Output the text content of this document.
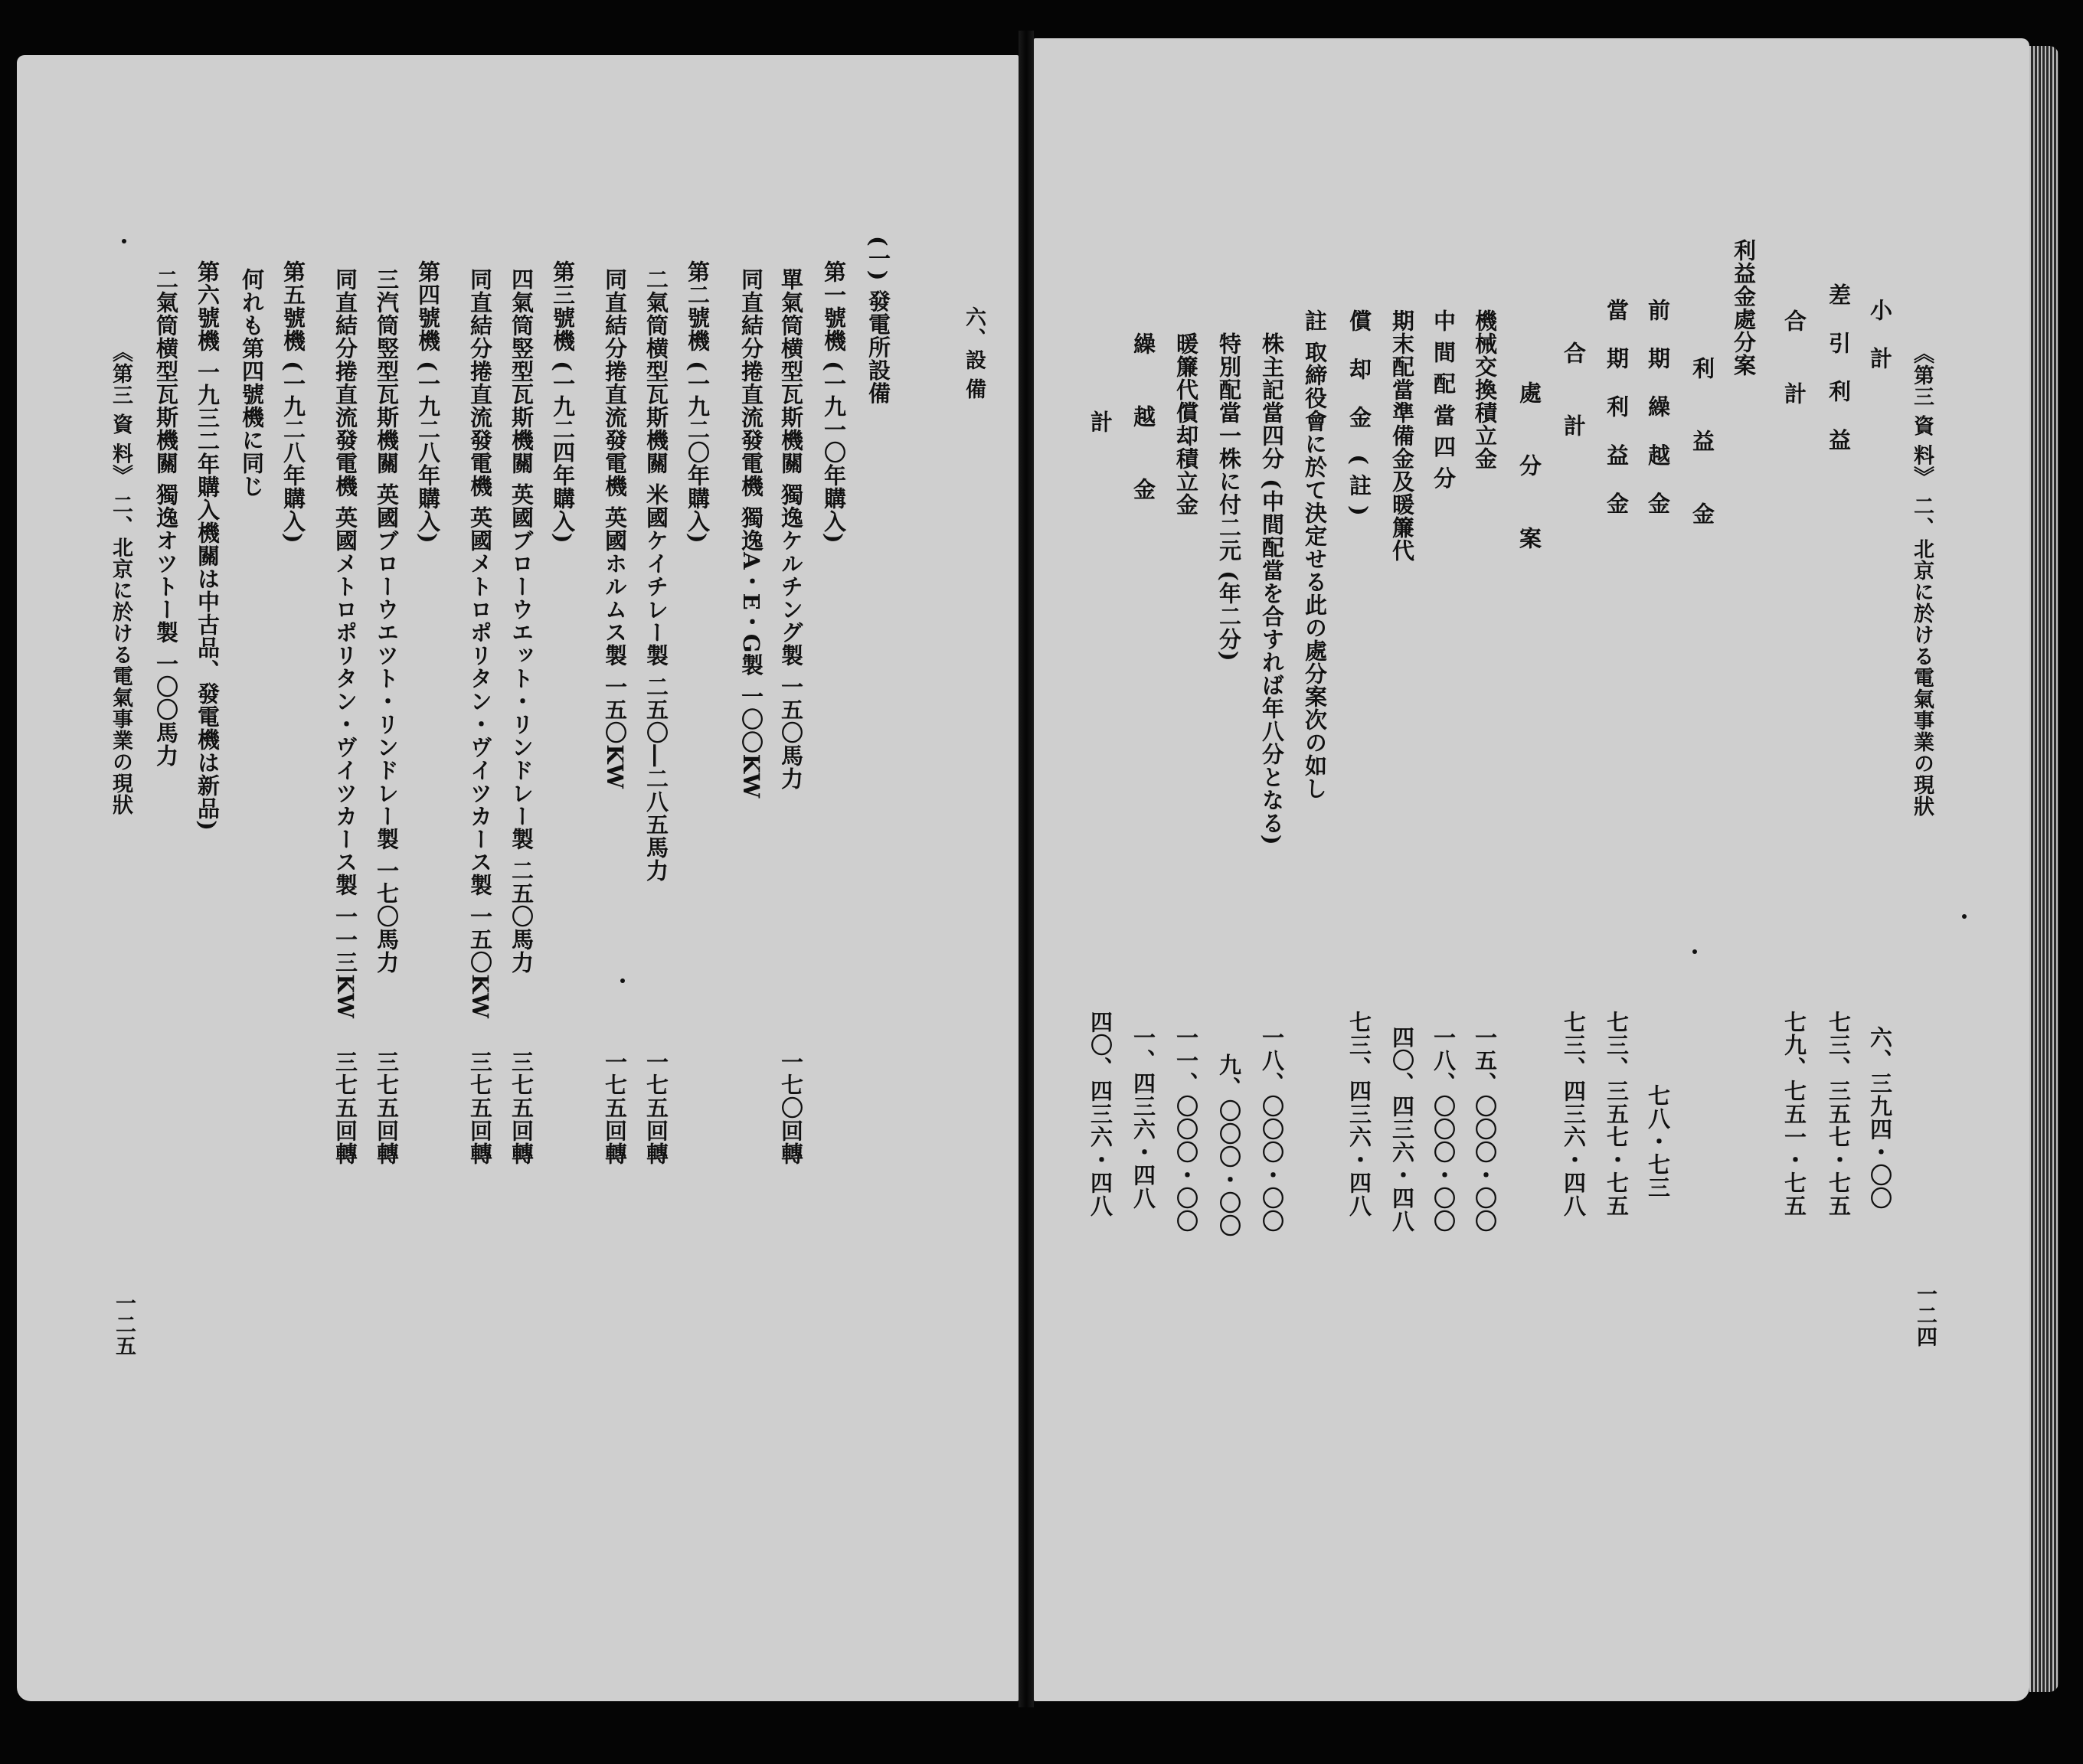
六、設 備
(一) 發電所設備
第一號機 (一九一〇年購入)
單氣筒横型瓦斯機關 獨逸ケルチング製 一五〇馬力
一七〇回轉
同直結分捲直流發電機 獨逸A・E・G製 一〇〇KW
第二號機 (一九二〇年購入)
二氣筒横型瓦斯機關 米國ケイチレー製 二五〇―二八五馬力
一七五回轉
同直結分捲直流發電機 英國ホルムス製 一五〇KW
一七五回轉
第三號機 (一九二四年購入)
四氣筒竪型瓦斯機關 英國ブローウエット・リンドレー製 二五〇馬力
三七五回轉
同直結分捲直流發電機 英國メトロポリタン・ヴイツカース製 一五〇KW
三七五回轉
第四號機 (一九二八年購入)
三汽筒竪型瓦斯機關 英國ブローウエツト・リンドレー製 一七〇馬力
三七五回轉
同直結分捲直流發電機 英國メトロポリタン・ヴイツカース製 一一三KW
三七五回轉
第五號機 (一九二八年購入)
何れも第四號機に同じ
第六號機 一九三二年購入機關は中古品、發電機は新品)
二氣筒横型瓦斯機關 獨逸オツトー製 一〇〇馬力
《第三 資 料》 二、北京に於ける電氣事業の現狀
一二五
《第三 資 料》 二、北京に於ける電氣事業の現狀
一二四
小 計
六、三九四・〇〇
差 引 利 益
七三、三五七・七五
合 計
七九、七五一・七五
利益金處分案
利 益 金
前 期 繰 越 金
七八・七三
當 期 利 益 金
七三、三五七・七五
合 計
七三、四三六・四八
處 分 案
機械交換積立金
一五、〇〇〇・〇〇
中 間 配 當 四 分
一八、〇〇〇・〇〇
期末配當準備金及暖簾代
四〇、四三六・四八
償 却 金 (註)
七三、四三六・四八
註 取締役會に於て決定せる此の處分案次の如し
株主記當四分 (中間配當を合すれば年八分となる)
一八、〇〇〇・〇〇
特別配當一株に付二元 (年二分)
九、〇〇〇・〇〇
暖簾代償却積立金
一一、〇〇〇・〇〇
繰 越 金
一、四三六・四八
計
四〇、四三六・四八
